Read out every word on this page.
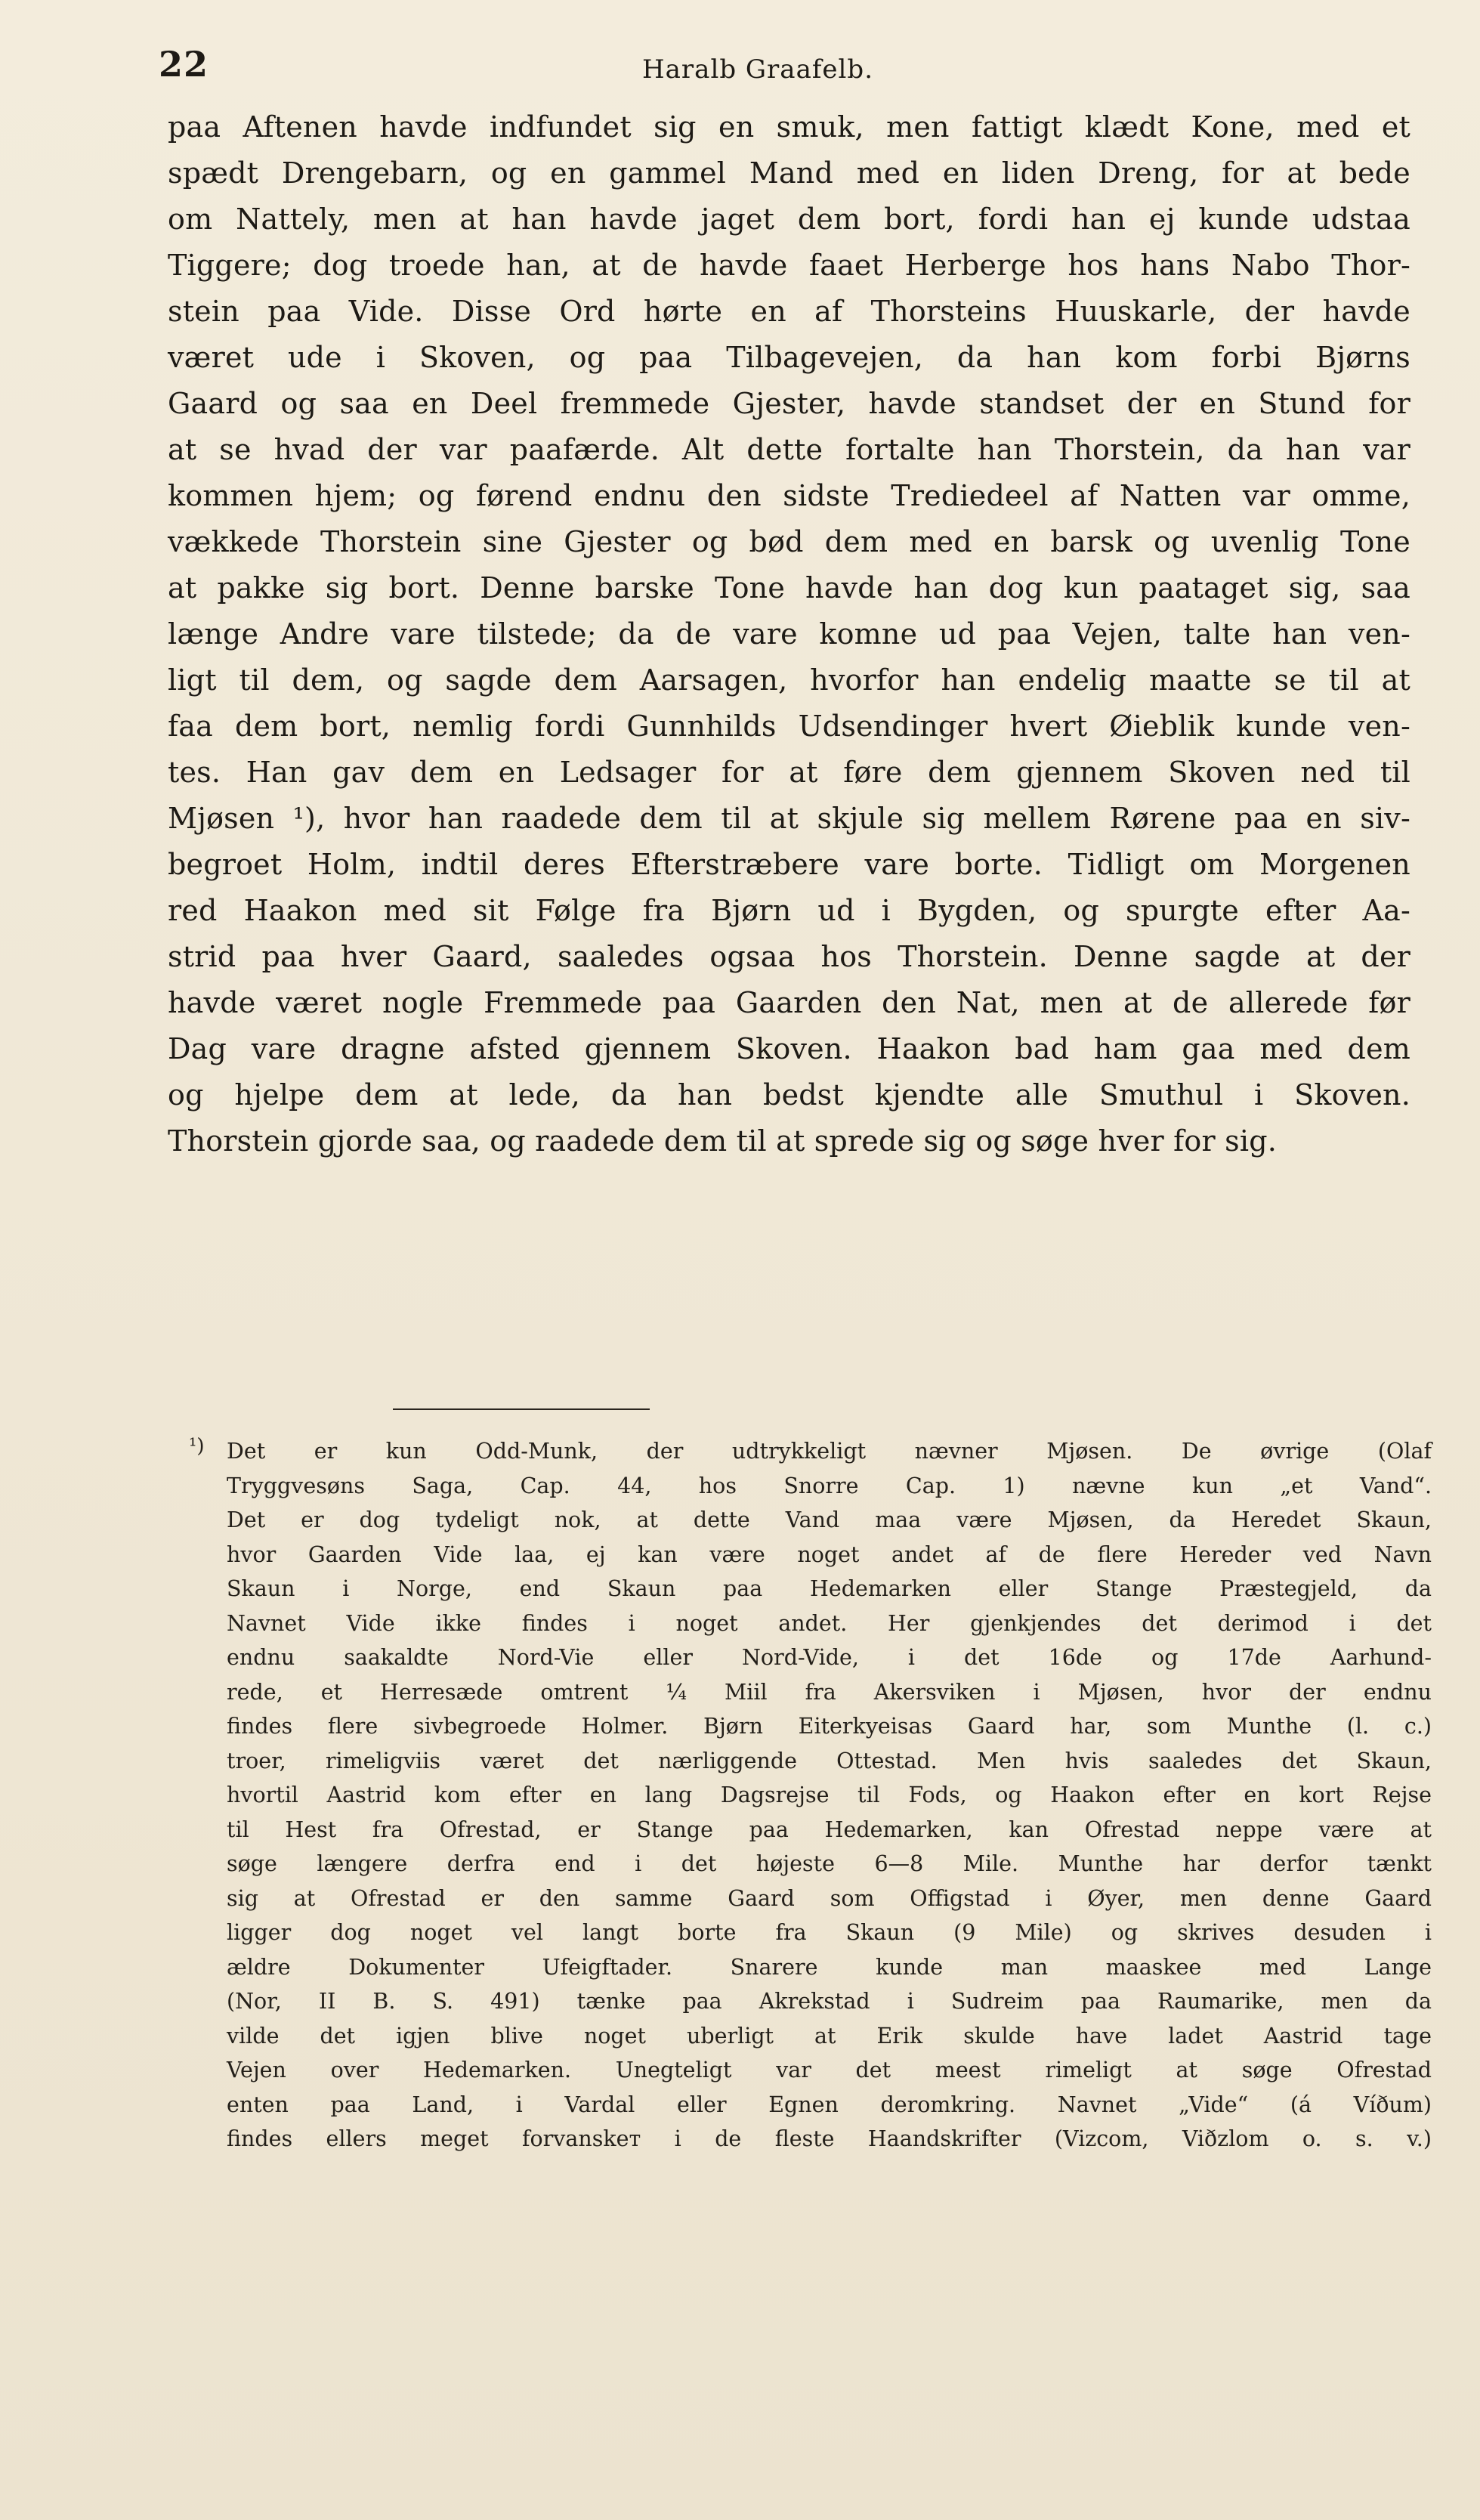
22	Haralb Graafelb.
paa Aftenen havde indfundet sig en smuk, men fattigt klædt Kone, med et
spædt Drengebarn, og en gammel Mand med en liden Dreng, for at bede
om Nattely, men at han havde jaget dem bort, fordi han ej kunde udstaa
Tiggere; dog troede han, at de havde faaet Herberge hos hans Nabo Thor-
stein paa Vide. Disse Ord hørte en af Thorsteins Huuskarle, der havde
været ude i Skoven, og paa Tilbagevejen, da han kom forbi Bjørns
Gaard og saa en Deel fremmede Gjester, havde standset der en Stund for
at se hvad der var paafærde. Alt dette fortalte han Thorstein, da han var
kommen hjem; og førend endnu den sidste Trediedeel af Natten var omme,
vækkede Thorstein sine Gjester og bød dem med en barsk og uvenlig Tone
at pakke sig bort. Denne barske Tone havde han dog kun paataget sig, saa
længe Andre vare tilstede; da de vare komne ud paa Vejen, talte han ven-
ligt til dem, og sagde dem Aarsagen, hvorfor han endelig maatte se til at
faa dem bort, nemlig fordi Gunnhilds Udsendinger hvert Øieblik kunde ven-
tes. Han gav dem en Ledsager for at føre dem gjennem Skoven ned til
Mjøsen ¹), hvor han raadede dem til at skjule sig mellem Rørene paa en siv-
begroet Holm, indtil deres Efterstræbere vare borte. Tidligt om Morgenen
red Haakon med sit Følge fra Bjørn ud i Bygden, og spurgte efter Aa-
strid paa hver Gaard, saaledes ogsaa hos Thorstein. Denne sagde at der
havde været nogle Fremmede paa Gaarden den Nat, men at de allerede før
Dag vare dragne afsted gjennem Skoven. Haakon bad ham gaa med dem
og hjelpe dem at lede, da han bedst kjendte alle Smuthul i Skoven.
Thorstein gjorde saa, og raadede dem til at sprede sig og søge hver for sig.
¹) Det er kun Odd-Munk, der udtrykkeligt nævner Mjøsen. De øvrige (Olaf
Tryggvesøns Saga, Cap. 44, hos Snorre Cap. 1) nævne kun „et Vand“.
Det er dog tydeligt nok, at dette Vand maa være Mjøsen, da Heredet Skaun,
hvor Gaarden Vide laa, ej kan være noget andet af de flere Hereder ved Navn
Skaun i Norge, end Skaun paa Hedemarken eller Stange Præstegjeld, da
Navnet Vide ikke findes i noget andet. Her gjenkjendes det derimod i det
endnu saakaldte Nord-Vie eller Nord-Vide, i det 16de og 17de Aarhund-
rede, et Herresæde omtrent ¼ Miil fra Akersviken i Mjøsen, hvor der endnu
findes flere sivbegroede Holmer. Bjørn Eiterkyeisas Gaard har, som Munthe (l. c.)
troer, rimeligviis været det nærliggende Ottestad. Men hvis saaledes det Skaun,
hvortil Aastrid kom efter en lang Dagsrejse til Fods, og Haakon efter en kort Rejse
til Hest fra Ofrestad, er Stange paa Hedemarken, kan Ofrestad neppe være at
søge længere derfra end i det højeste 6—8 Mile. Munthe har derfor tænkt
sig at Ofrestad er den samme Gaard som Offigstad i Øyer, men denne Gaard
ligger dog noget vel langt borte fra Skaun (9 Mile) og skrives desuden i
ældre Dokumenter Ufeigftader. Snarere kunde man maaskee med Lange
(Nor, II B. S. 491) tænke paa Akrekstad i Sudreim paa Raumarike, men da
vilde det igjen blive noget uberligt at Erik skulde have ladet Aastrid tage
Vejen over Hedemarken. Unegteligt var det meest rimeligt at søge Ofrestad
enten paa Land, i Vardal eller Egnen deromkring. Navnet „Vide“ (á Víðum)
findes ellers meget forvanskeт i de fleste Haandskrifter (Vizcom, Viðzlom o. s. v.)
